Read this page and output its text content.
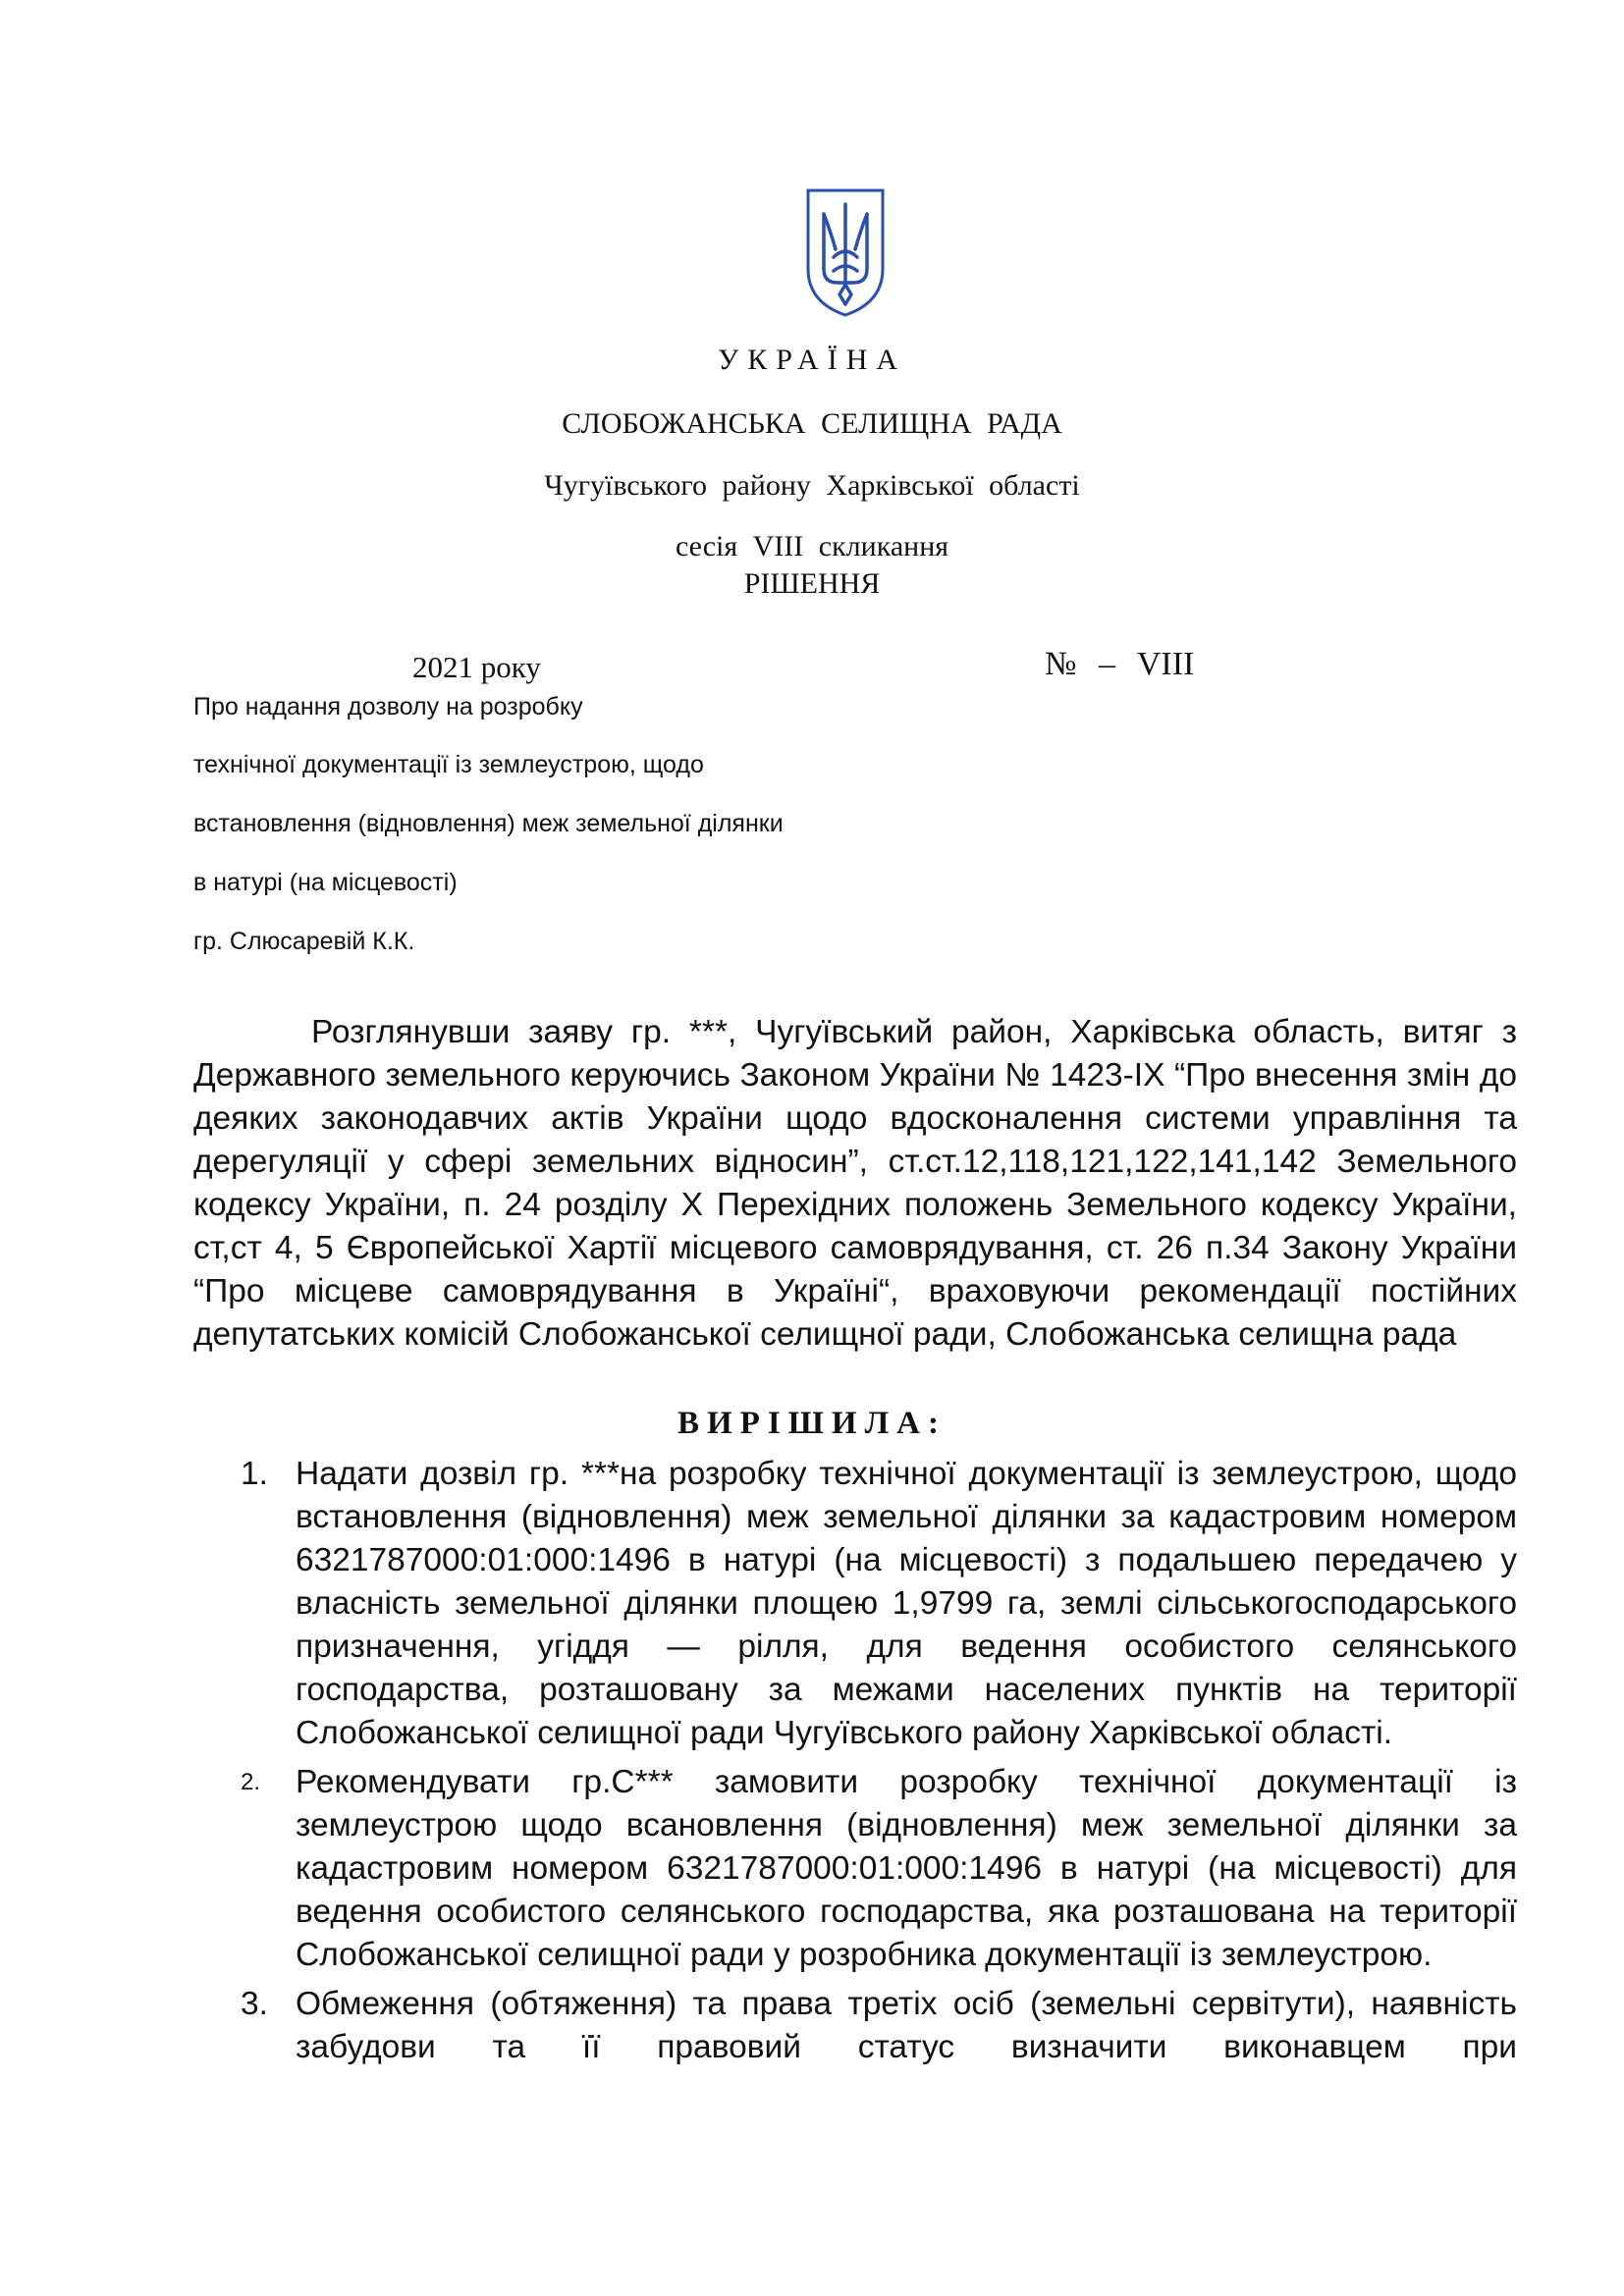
УКРАЇНА
СЛОБОЖАНСЬКА СЕЛИЩНА РАДА
Чугуївського району Харківської області
сесія VIII скликання
РІШЕННЯ
2021 року	№ – VIII
Про надання дозволу на розробку
технічної документації із землеустрою, щодо
встановлення (відновлення) меж земельної ділянки
в натурі (на місцевості)
гр. Слюсаревій К.К.
Розглянувши заяву гр. ***, Чугуївський район, Харківська область, витяг з Державного земельного керуючись Законом України № 1423-IX “Про внесення змін до деяких законодавчих актів України щодо вдосконалення системи управління та дерегуляції у сфері земельних відносин”, ст.ст.12,118,121,122,141,142 Земельного кодексу України, п. 24 розділу X Перехідних положень Земельного кодексу України, ст,ст 4, 5 Європейської Хартії місцевого самоврядування, ст. 26 п.34 Закону України “Про місцеве самоврядування в Україні“, враховуючи рекомендації постійних депутатських комісій Слобожанської селищної ради, Слобожанська селищна рада
ВИРІШИЛА:
1. Надати дозвіл гр. ***на розробку технічної документації із землеустрою, щодо встановлення (відновлення) меж земельної ділянки за кадастровим номером 6321787000:01:000:1496 в натурі (на місцевості) з подальшею передачею у власність земельної ділянки площею 1,9799 га, землі сільськогосподарського призначення, угіддя — рілля, для ведення особистого селянського господарства, розташовану за межами населених пунктів на території Слобожанської селищної ради Чугуївського району Харківської області.
2. Рекомендувати гр.С*** замовити розробку технічної документації із землеустрою щодо всановлення (відновлення) меж земельної ділянки за кадастровим номером 6321787000:01:000:1496 в натурі (на місцевості) для ведення особистого селянського господарства, яка розташована на території Слобожанської селищної ради у розробника документації із землеустрою.
3. Обмеження (обтяження) та права третіх осіб (земельні сервітути), наявність забудови та її правовий статус визначити виконавцем при
